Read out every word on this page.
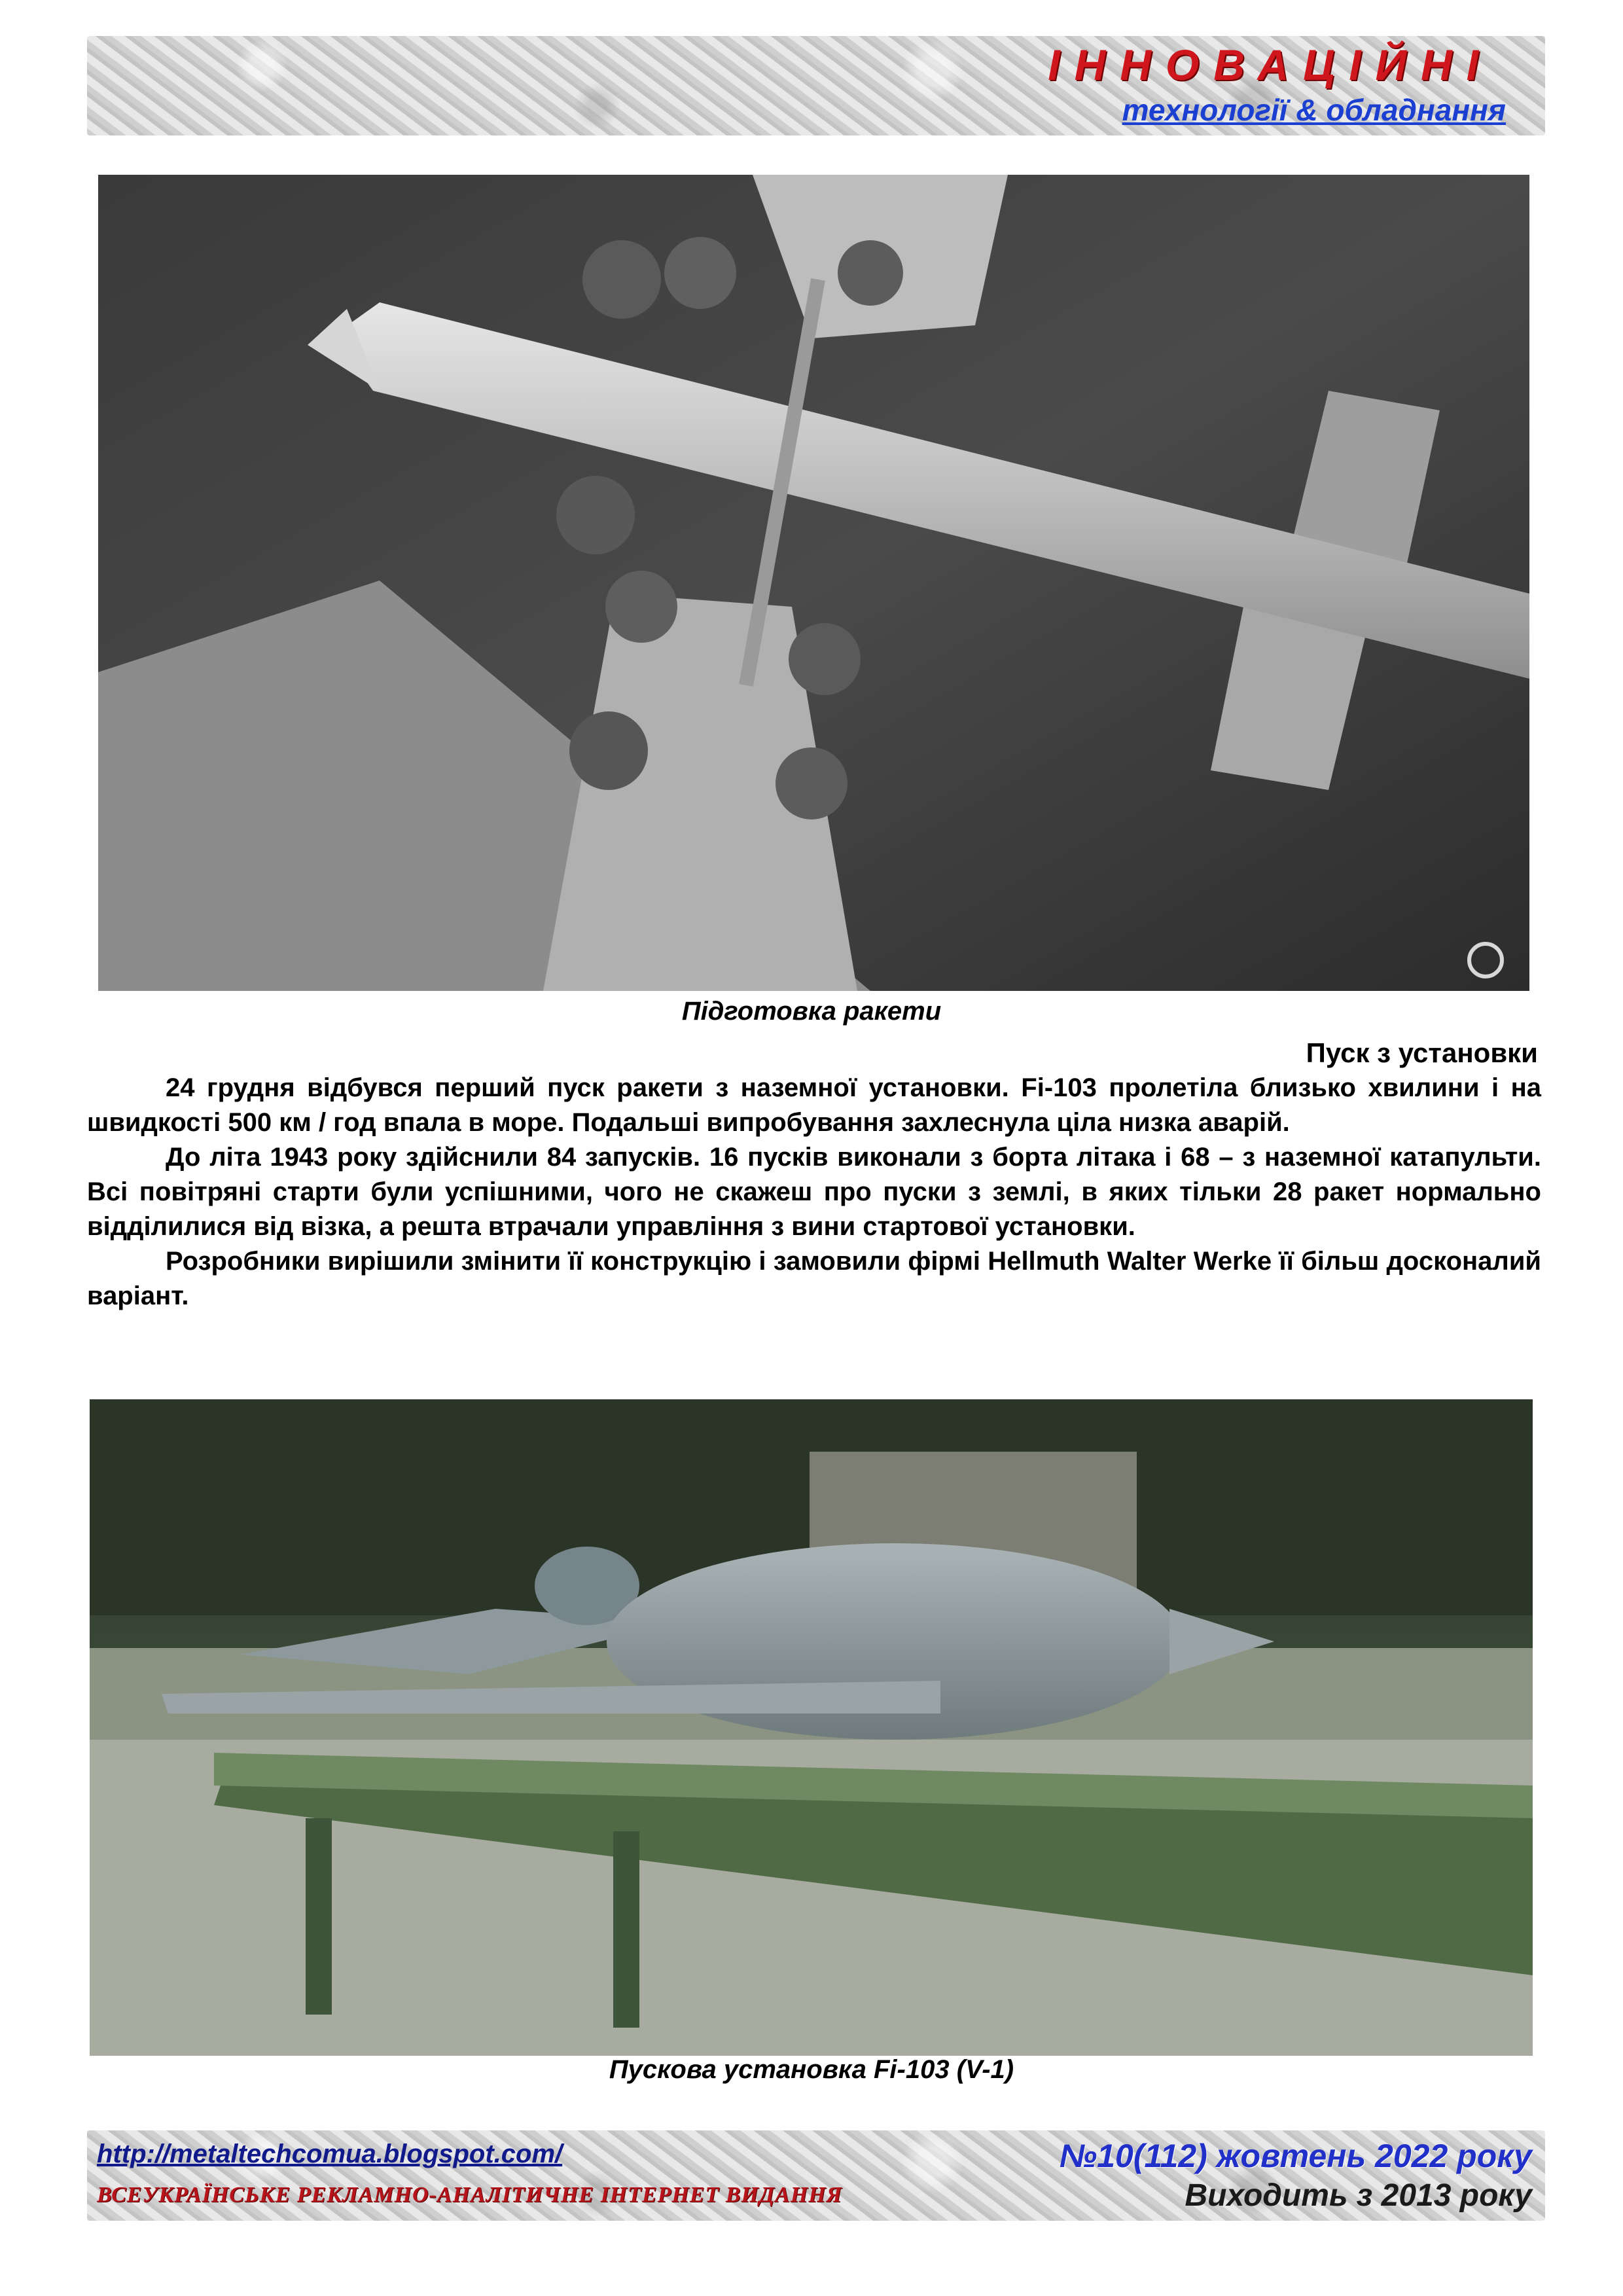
ІННОВАЦІЙНІ
технології & обладнання
Підготовка ракети
Пуск з установки

24 грудня відбувся перший пуск ракети з наземної установки. Fi-103 пролетіла близько хвилини і на швидкості 500 км / год впала в море. Подальші випробування захлеснула ціла низка аварій.

До літа 1943 року здійснили 84 запусків. 16 пусків виконали з борта літака і 68 – з наземної катапульти. Всі повітряні старти були успішними, чого не скажеш про пуски з землі, в яких тільки 28 ракет нормально відділилися від візка, а решта втрачали управління з вини стартової установки.

Розробники вирішили змінити її конструкцію і замовили фірмі Hellmuth Walter Werke її більш досконалий варіант.

Пускова установка Fi-103 (V-1)
http://metaltechcomua.blogspot.com/
ВСЕУКРАЇНСЬКЕ РЕКЛАМНО-АНАЛІТИЧНЕ ІНТЕРНЕТ ВИДАННЯ
№10(112) жовтень 2022 року
Виходить з 2013 року
